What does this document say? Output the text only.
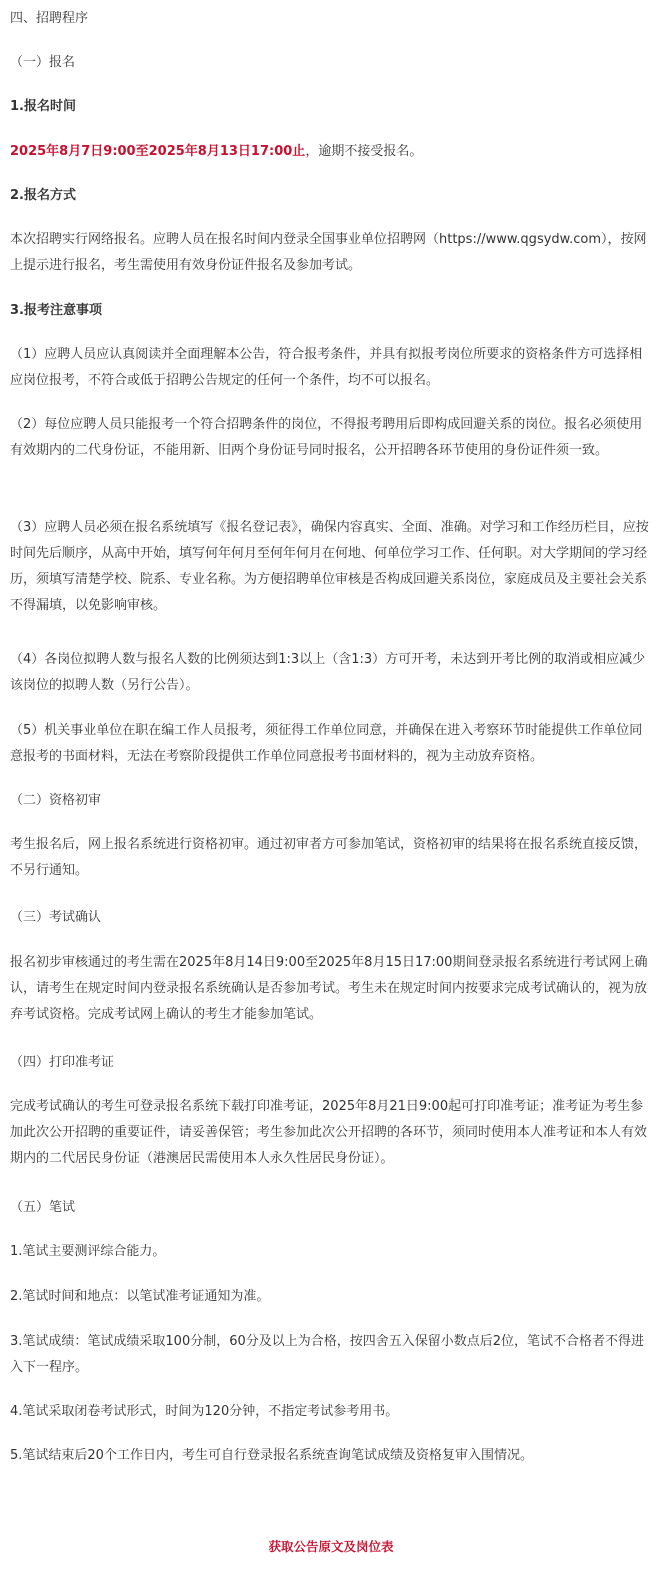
四、招聘程序

（一）报名

1.报名时间

2025年8月7日9:00至2025年8月13日17:00止，逾期不接受报名。

2.报名方式

本次招聘实行网络报名。应聘人员在报名时间内登录全国事业单位招聘网（https://www.qgsydw.com），按网上提示进行报名，考生需使用有效身份证件报名及参加考试。

3.报考注意事项

（1）应聘人员应认真阅读并全面理解本公告，符合报考条件，并具有拟报考岗位所要求的资格条件方可选择相应岗位报考，不符合或低于招聘公告规定的任何一个条件，均不可以报名。

（2）每位应聘人员只能报考一个符合招聘条件的岗位，不得报考聘用后即构成回避关系的岗位。报名必须使用有效期内的二代身份证，不能用新、旧两个身份证号同时报名，公开招聘各环节使用的身份证件须一致。

（3）应聘人员必须在报名系统填写《报名登记表》，确保内容真实、全面、准确。对学习和工作经历栏目，应按时间先后顺序，从高中开始，填写何年何月至何年何月在何地、何单位学习工作、任何职。对大学期间的学习经历，须填写清楚学校、院系、专业名称。为方便招聘单位审核是否构成回避关系岗位，家庭成员及主要社会关系不得漏填，以免影响审核。

（4）各岗位拟聘人数与报名人数的比例须达到1:3以上（含1:3）方可开考，未达到开考比例的取消或相应减少该岗位的拟聘人数（另行公告）。

（5）机关事业单位在职在编工作人员报考，须征得工作单位同意，并确保在进入考察环节时能提供工作单位同意报考的书面材料，无法在考察阶段提供工作单位同意报考书面材料的，视为主动放弃资格。

（二）资格初审

考生报名后，网上报名系统进行资格初审。通过初审者方可参加笔试，资格初审的结果将在报名系统直接反馈，不另行通知。

（三）考试确认

报名初步审核通过的考生需在2025年8月14日9:00至2025年8月15日17:00期间登录报名系统进行考试网上确认，请考生在规定时间内登录报名系统确认是否参加考试。考生未在规定时间内按要求完成考试确认的，视为放弃考试资格。完成考试网上确认的考生才能参加笔试。

（四）打印准考证

完成考试确认的考生可登录报名系统下载打印准考证，2025年8月21日9:00起可打印准考证；准考证为考生参加此次公开招聘的重要证件，请妥善保管；考生参加此次公开招聘的各环节，须同时使用本人准考证和本人有效期内的二代居民身份证（港澳居民需使用本人永久性居民身份证）。

（五）笔试

1.笔试主要测评综合能力。

2.笔试时间和地点：以笔试准考证通知为准。

3.笔试成绩：笔试成绩采取100分制，60分及以上为合格，按四舍五入保留小数点后2位，笔试不合格者不得进入下一程序。

4.笔试采取闭卷考试形式，时间为120分钟，不指定考试参考用书。

5.笔试结束后20个工作日内，考生可自行登录报名系统查询笔试成绩及资格复审入围情况。

获取公告原文及岗位表
